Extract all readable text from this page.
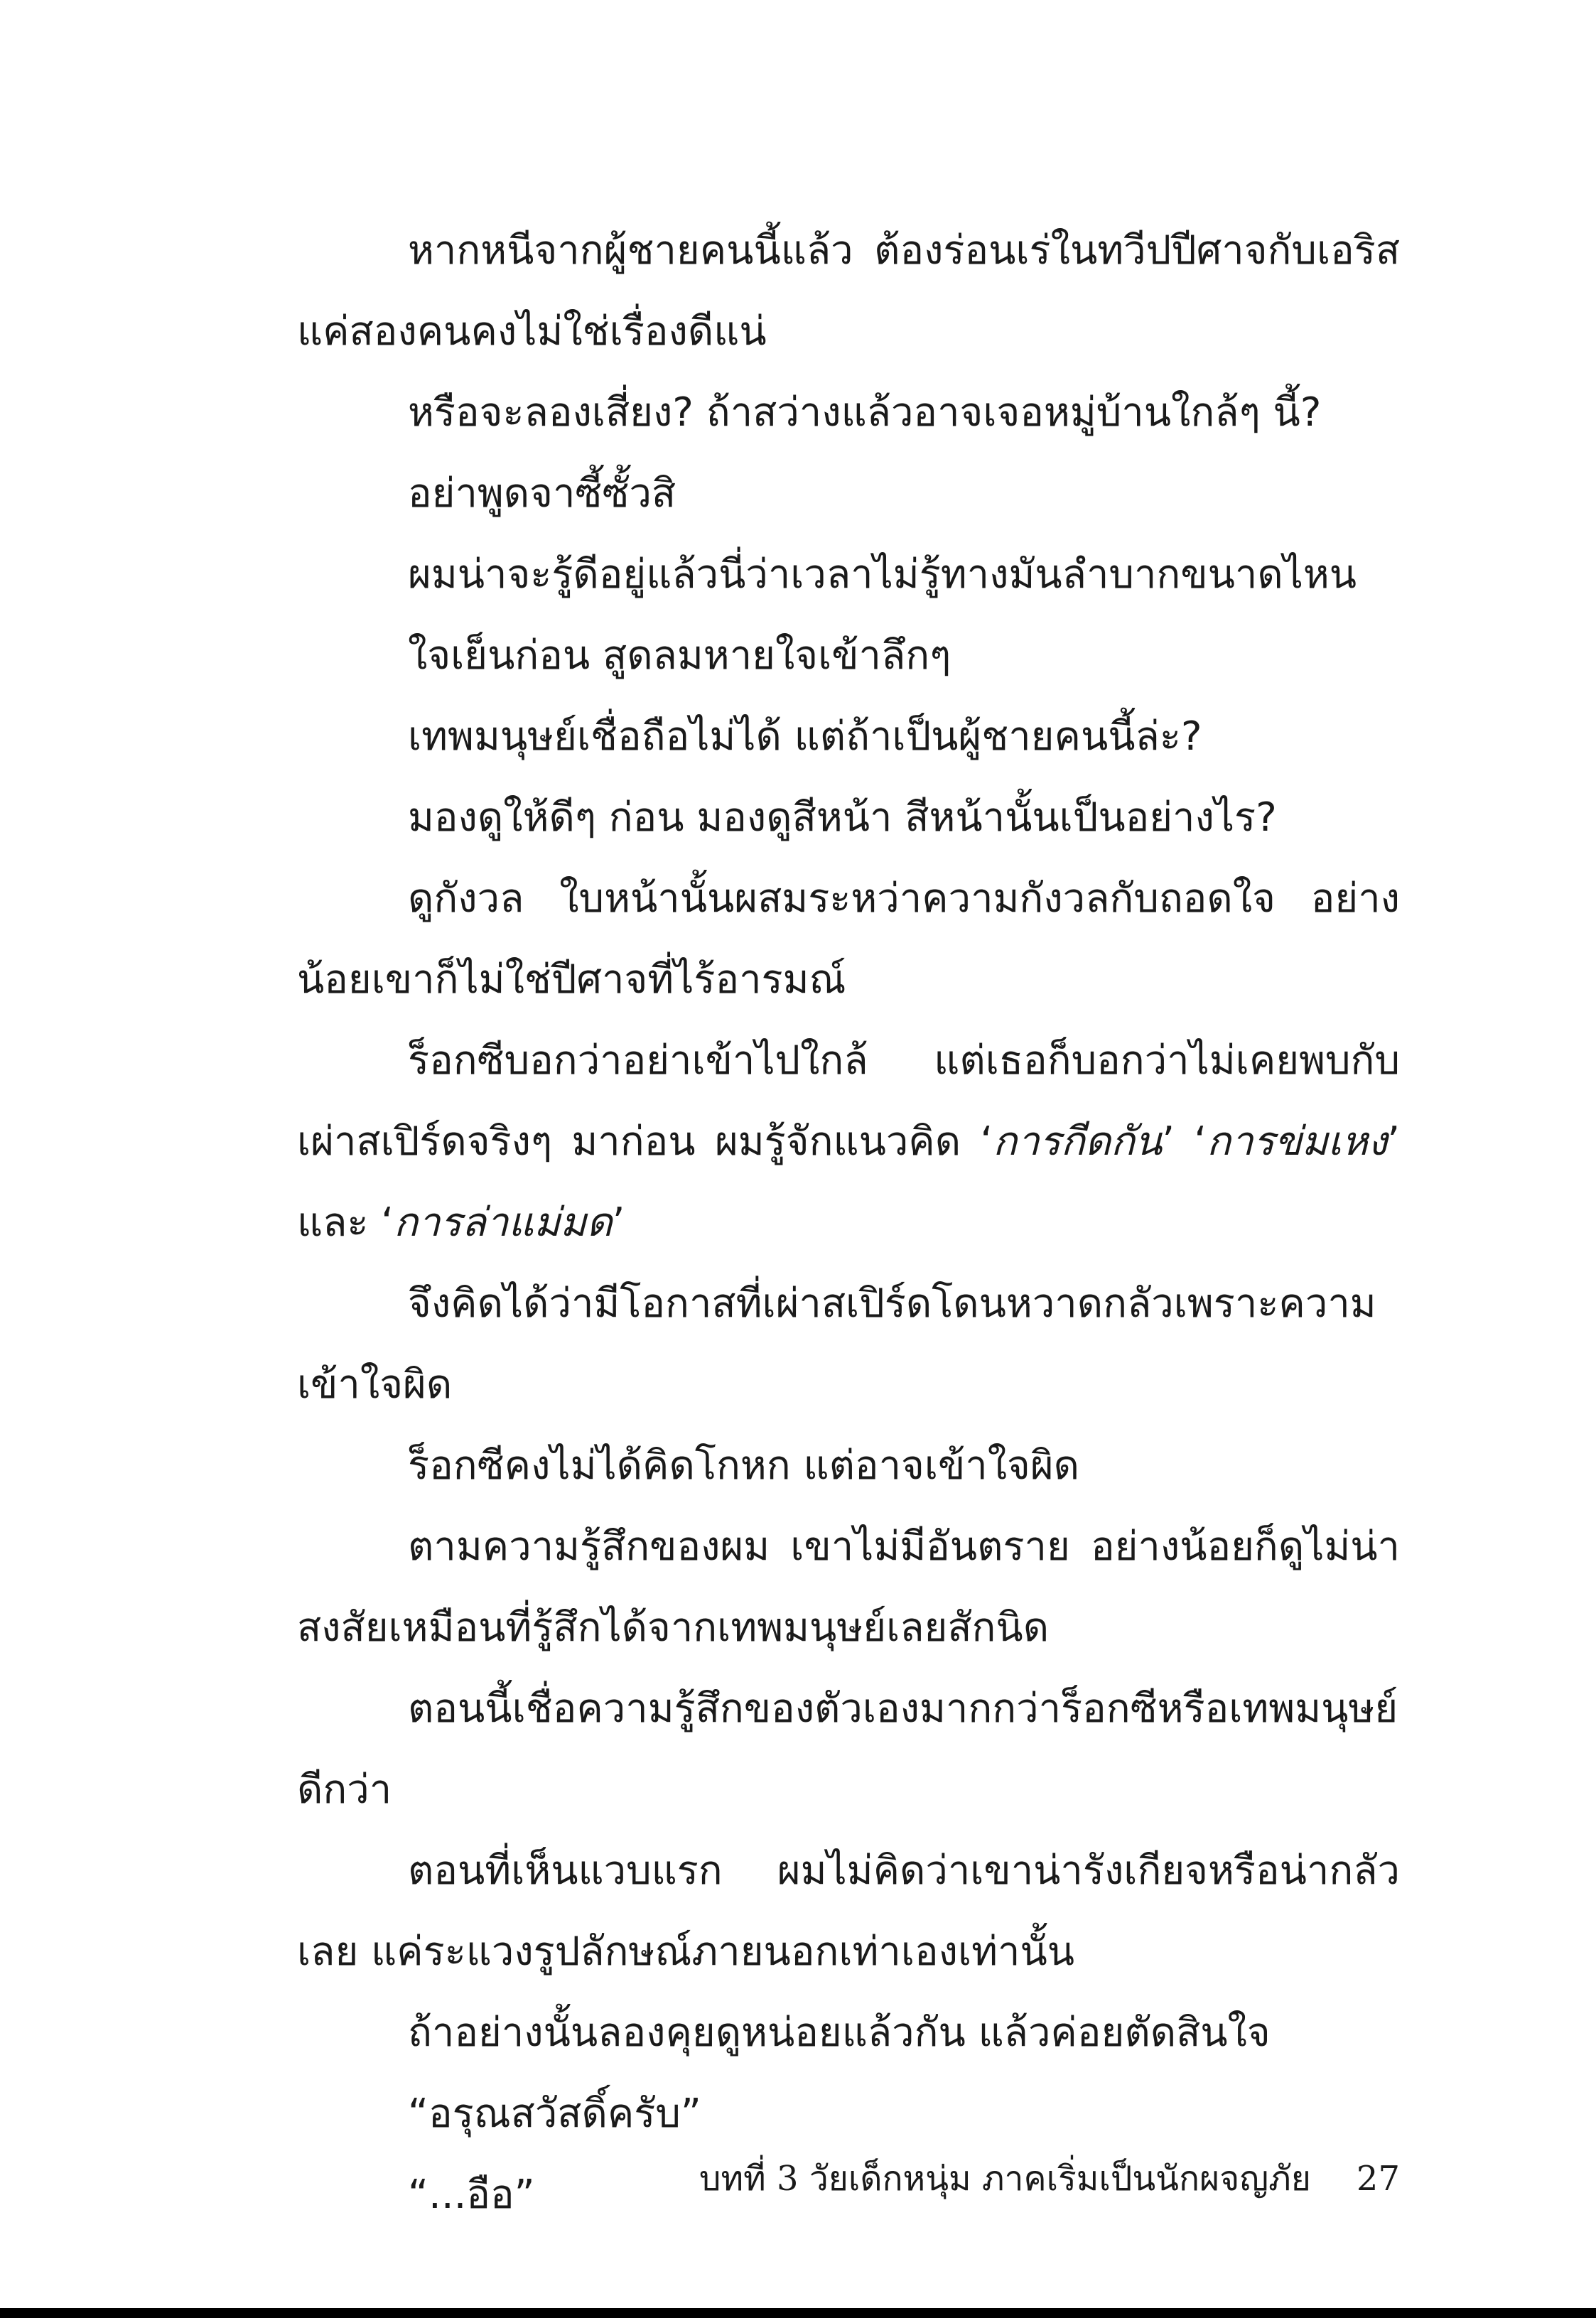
หากหนีจากผู้ชายคนนี้แล้ว ต้องร่อนเร่ในทวีปปีศาจกับเอริสแค่สองคนคงไม่ใช่เรื่องดีแน่

หรือจะลองเสี่ยง? ถ้าสว่างแล้วอาจเจอหมู่บ้านใกล้ๆ นี้?

อย่าพูดจาซี้ซั้วสิ

ผมน่าจะรู้ดีอยู่แล้วนี่ว่าเวลาไม่รู้ทางมันลำบากขนาดไหน

ใจเย็นก่อน สูดลมหายใจเข้าลึกๆ

เทพมนุษย์เชื่อถือไม่ได้ แต่ถ้าเป็นผู้ชายคนนี้ล่ะ?

มองดูให้ดีๆ ก่อน มองดูสีหน้า สีหน้านั้นเป็นอย่างไร?

ดูกังวล ใบหน้านั้นผสมระหว่าความกังวลกับถอดใจ อย่างน้อยเขาก็ไม่ใช่ปีศาจที่ไร้อารมณ์

ร็อกซีบอกว่าอย่าเข้าไปใกล้ แต่เธอก็บอกว่าไม่เคยพบกับเผ่าสเปิร์ดจริงๆ มาก่อน ผมรู้จักแนวคิด ‘การกีดกัน’ ‘การข่มเหง’ และ ‘การล่าแม่มด’

จึงคิดได้ว่ามีโอกาสที่เผ่าสเปิร์ดโดนหวาดกลัวเพราะความเข้าใจผิด

ร็อกซีคงไม่ได้คิดโกหก แต่อาจเข้าใจผิด

ตามความรู้สึกของผม เขาไม่มีอันตราย อย่างน้อยก็ดูไม่น่าสงสัยเหมือนที่รู้สึกได้จากเทพมนุษย์เลยสักนิด

ตอนนี้เชื่อความรู้สึกของตัวเองมากกว่าร็อกซีหรือเทพมนุษย์ดีกว่า

ตอนที่เห็นแวบแรก ผมไม่คิดว่าเขาน่ารังเกียจหรือน่ากลัวเลย แค่ระแวงรูปลักษณ์ภายนอกเท่าเองเท่านั้น

ถ้าอย่างนั้นลองคุยดูหน่อยแล้วกัน แล้วค่อยตัดสินใจ

“อรุณสวัสดิ์ครับ”

“...อือ”	บทที่ 3 วัยเด็กหนุ่ม ภาคเริ่มเป็นนักผจญภัย 27
